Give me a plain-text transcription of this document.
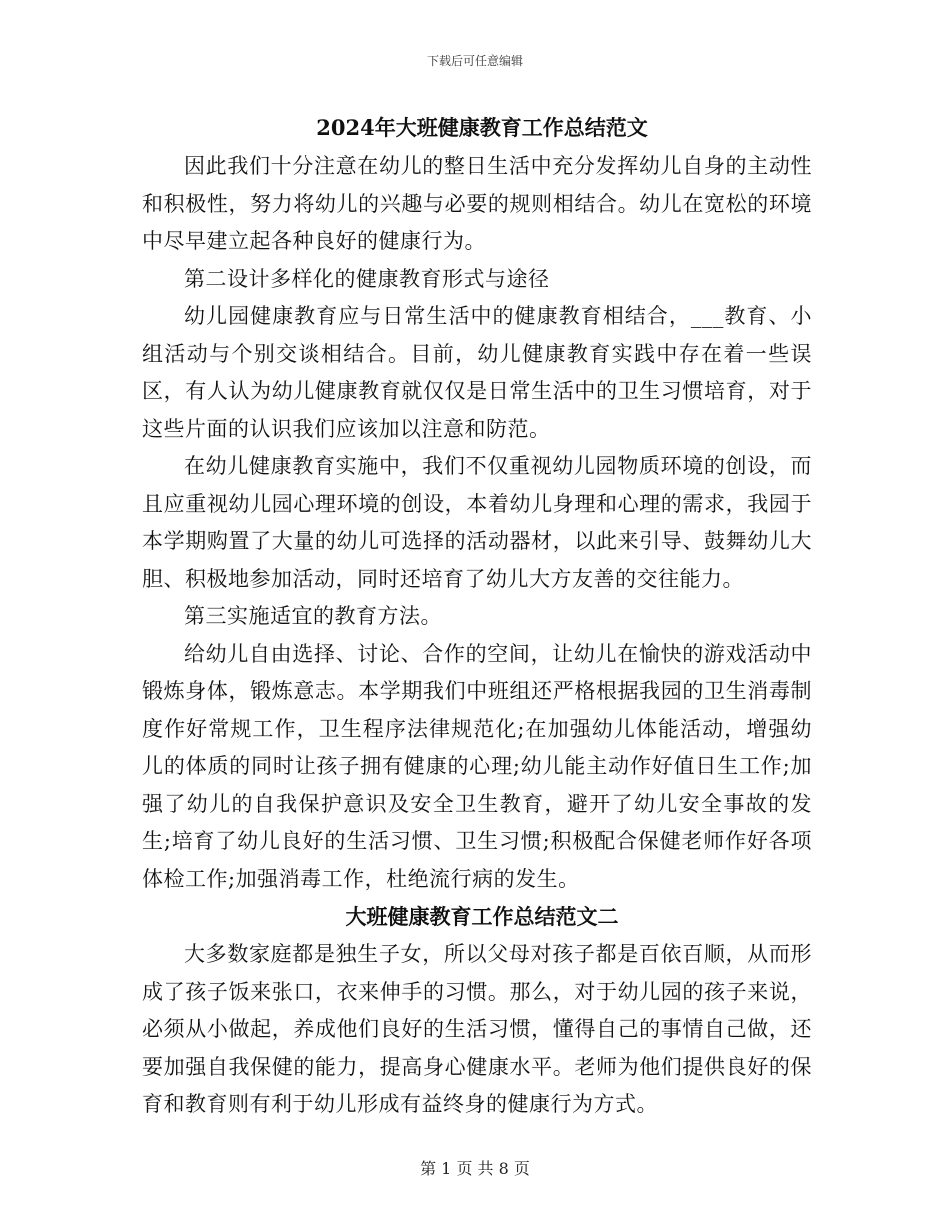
下载后可任意编辑
2024年大班健康教育工作总结范文

因此我们十分注意在幼儿的整日生活中充分发挥幼儿自身的主动性和积极性，努力将幼儿的兴趣与必要的规则相结合。幼儿在宽松的环境中尽早建立起各种良好的健康行为。

第二设计多样化的健康教育形式与途径

幼儿园健康教育应与日常生活中的健康教育相结合，___教育、小组活动与个别交谈相结合。目前，幼儿健康教育实践中存在着一些误区，有人认为幼儿健康教育就仅仅是日常生活中的卫生习惯培育，对于这些片面的认识我们应该加以注意和防范。

在幼儿健康教育实施中，我们不仅重视幼儿园物质环境的创设，而且应重视幼儿园心理环境的创设，本着幼儿身理和心理的需求，我园于本学期购置了大量的幼儿可选择的活动器材，以此来引导、鼓舞幼儿大胆、积极地参加活动，同时还培育了幼儿大方友善的交往能力。

第三实施适宜的教育方法。

给幼儿自由选择、讨论、合作的空间，让幼儿在愉快的游戏活动中锻炼身体，锻炼意志。本学期我们中班组还严格根据我园的卫生消毒制度作好常规工作，卫生程序法律规范化;在加强幼儿体能活动，增强幼儿的体质的同时让孩子拥有健康的心理;幼儿能主动作好值日生工作;加强了幼儿的自我保护意识及安全卫生教育，避开了幼儿安全事故的发生;培育了幼儿良好的生活习惯、卫生习惯;积极配合保健老师作好各项体检工作;加强消毒工作，杜绝流行病的发生。

大班健康教育工作总结范文二

大多数家庭都是独生子女，所以父母对孩子都是百依百顺，从而形成了孩子饭来张口，衣来伸手的习惯。那么，对于幼儿园的孩子来说，必须从小做起，养成他们良好的生活习惯，懂得自己的事情自己做，还要加强自我保健的能力，提高身心健康水平。老师为他们提供良好的保育和教育则有利于幼儿形成有益终身的健康行为方式。

第 1 页 共 8 页
